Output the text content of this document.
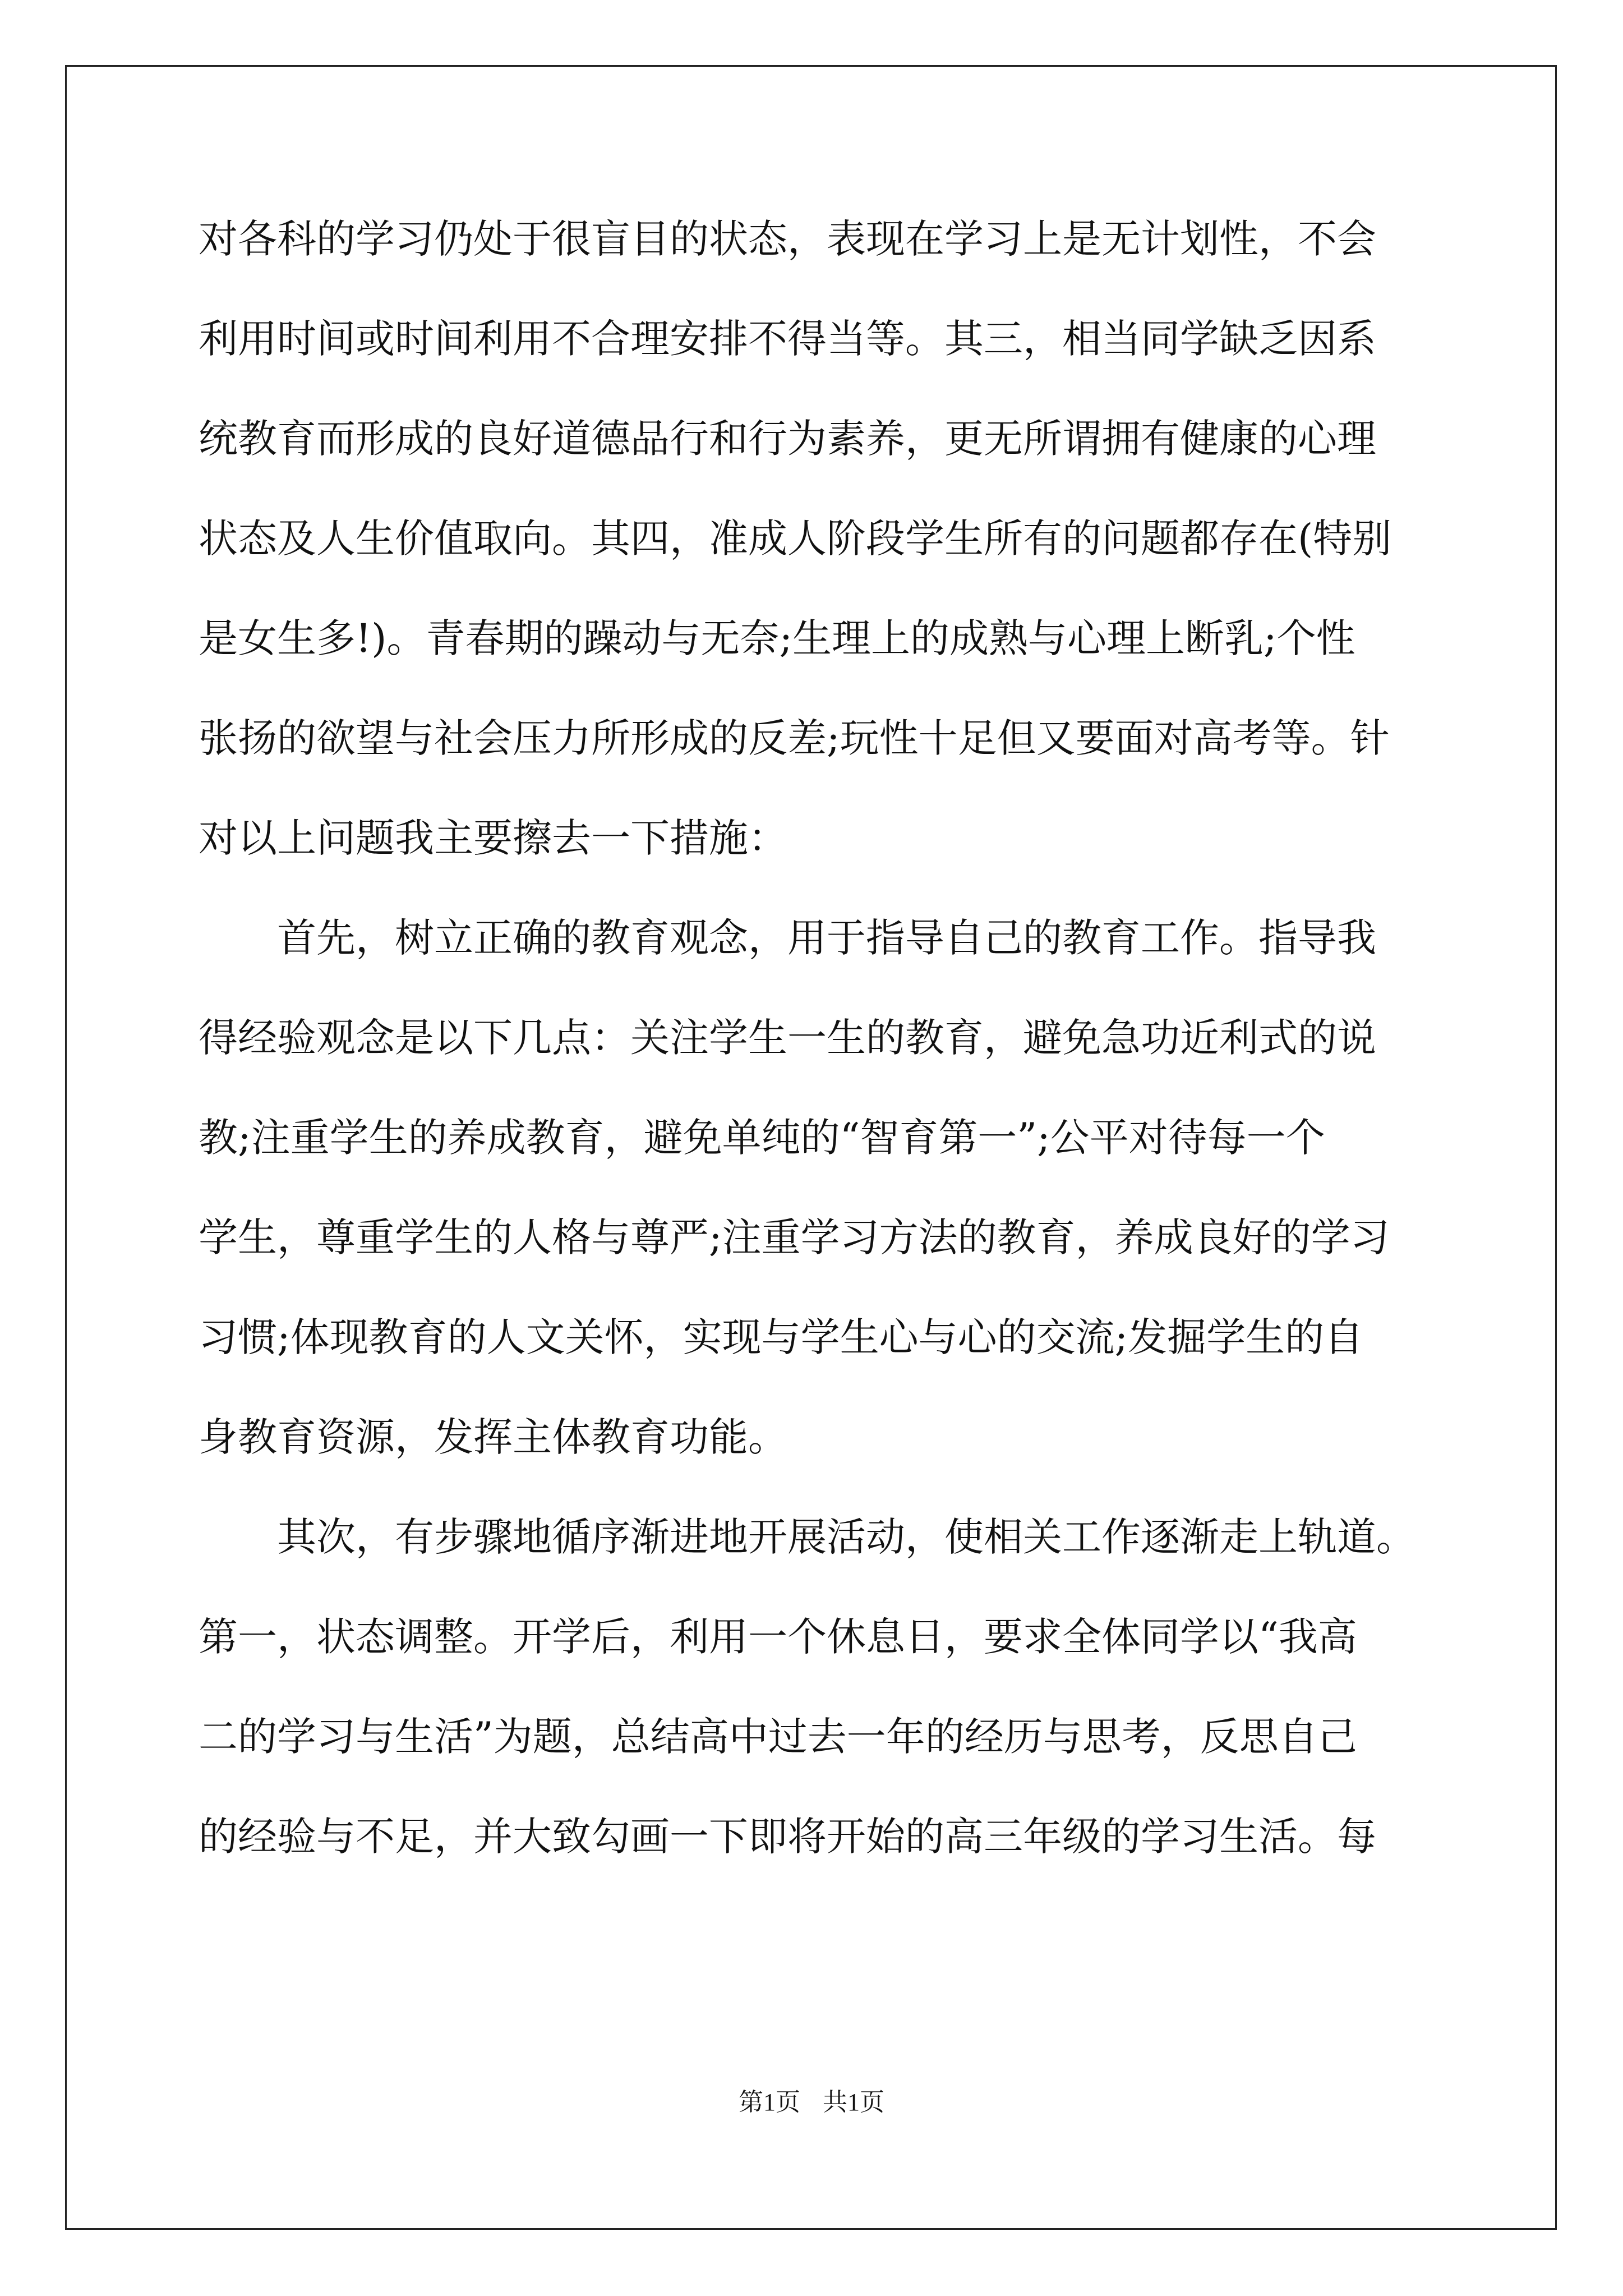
对各科的学习仍处于很盲目的状态，表现在学习上是无计划性，不会
利用时间或时间利用不合理安排不得当等。其三，相当同学缺乏因系
统教育而形成的良好道德品行和行为素养，更无所谓拥有健康的心理
状态及人生价值取向。其四，准成人阶段学生所有的问题都存在(特别
是女生多!)。青春期的躁动与无奈;生理上的成熟与心理上断乳;个性
张扬的欲望与社会压力所形成的反差;玩性十足但又要面对高考等。针
对以上问题我主要擦去一下措施：
首先，树立正确的教育观念，用于指导自己的教育工作。指导我
得经验观念是以下几点：关注学生一生的教育，避免急功近利式的说
教;注重学生的养成教育，避免单纯的“智育第一”;公平对待每一个
学生，尊重学生的人格与尊严;注重学习方法的教育，养成良好的学习
习惯;体现教育的人文关怀，实现与学生心与心的交流;发掘学生的自
身教育资源，发挥主体教育功能。
其次，有步骤地循序渐进地开展活动，使相关工作逐渐走上轨道。
第一，状态调整。开学后，利用一个休息日，要求全体同学以“我高
二的学习与生活”为题，总结高中过去一年的经历与思考，反思自己
的经验与不足，并大致勾画一下即将开始的高三年级的学习生活。每
第1页 共1页
